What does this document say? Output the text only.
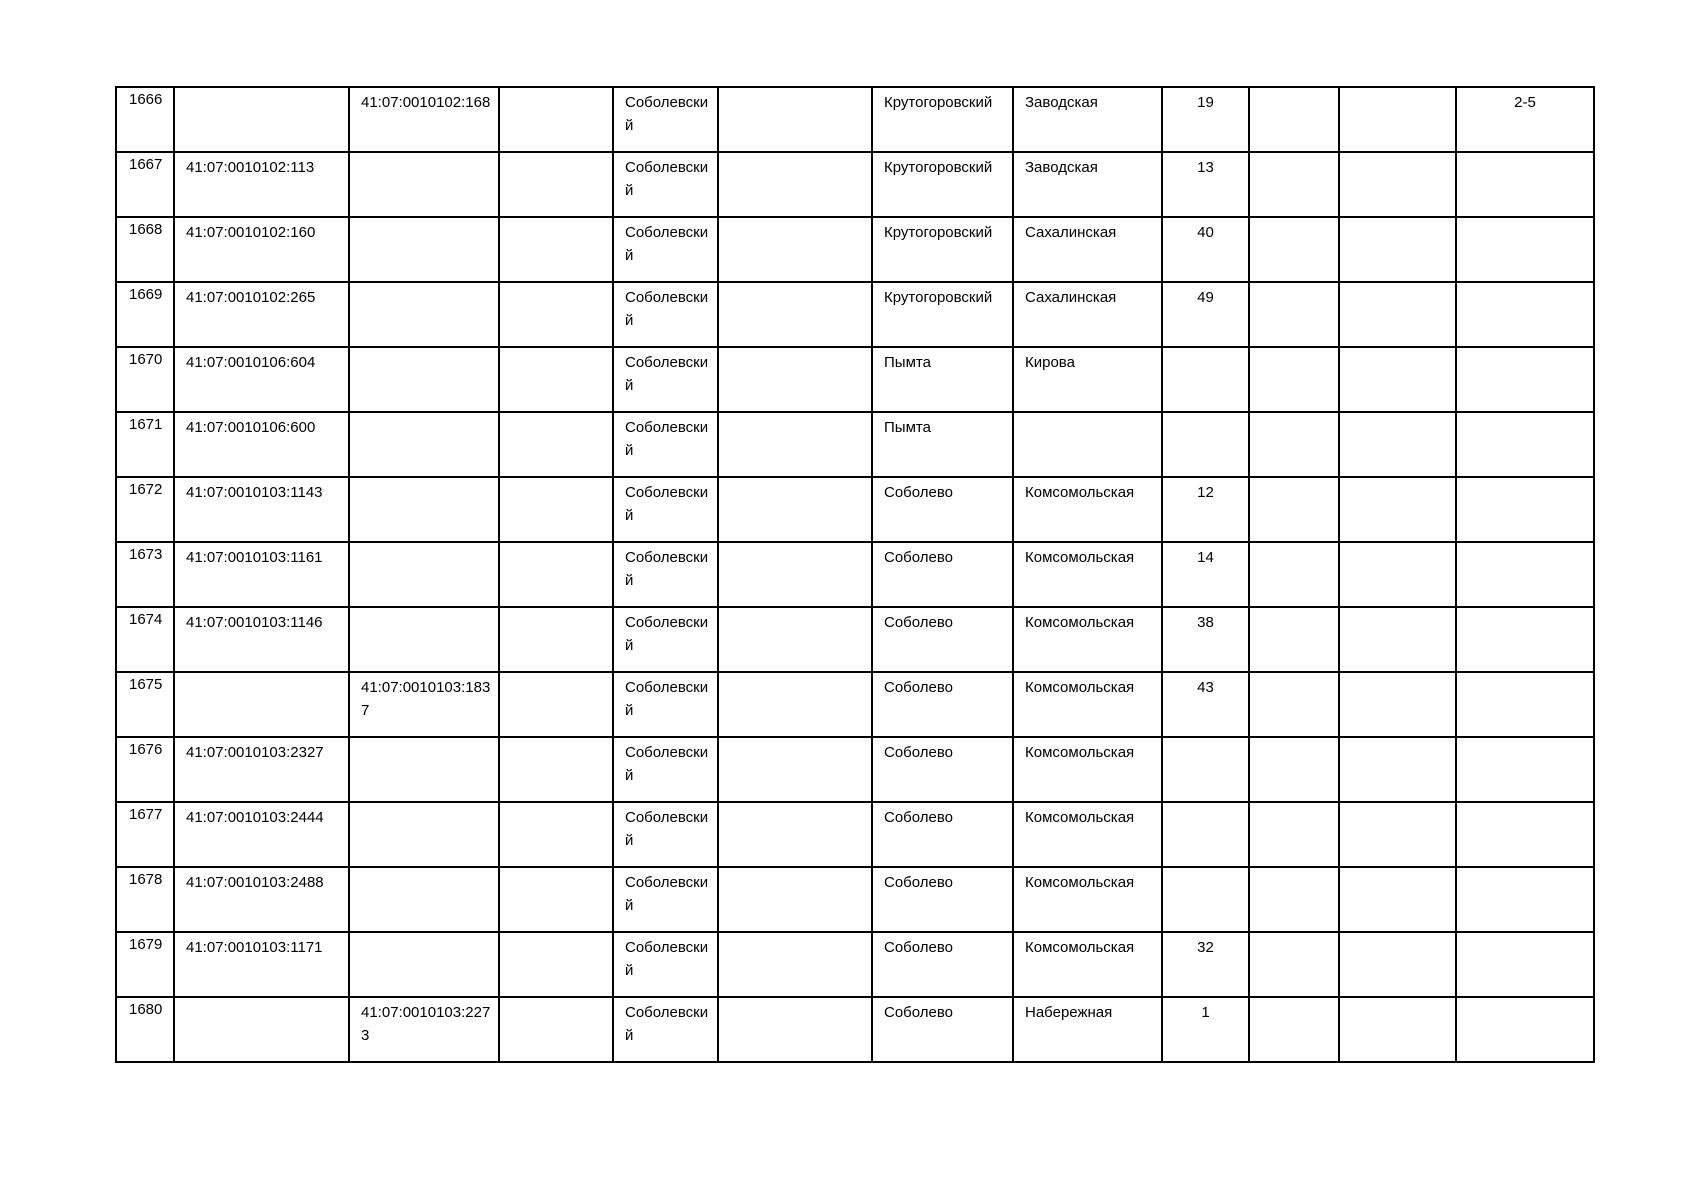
1666		41:07:0010102:168		Соболевский		Крутогоровский	Заводская	19			2-5

1667	41:07:0010102:113			Соболевский		Крутогоровский	Заводская	13			

1668	41:07:0010102:160			Соболевский		Крутогоровский	Сахалинская	40			

1669	41:07:0010102:265			Соболевский		Крутогоровский	Сахалинская	49			

1670	41:07:0010106:604			Соболевский		Пымта	Кирова				

1671	41:07:0010106:600			Соболевский		Пымта					

1672	41:07:0010103:1143			Соболевский		Соболево	Комсомольская	12			

1673	41:07:0010103:1161			Соболевский		Соболево	Комсомольская	14			

1674	41:07:0010103:1146			Соболевский		Соболево	Комсомольская	38			

1675		41:07:0010103:1837		Соболевский		Соболево	Комсомольская	43			

1676	41:07:0010103:2327			Соболевский		Соболево	Комсомольская				

1677	41:07:0010103:2444			Соболевский		Соболево	Комсомольская				

1678	41:07:0010103:2488			Соболевский		Соболево	Комсомольская				

1679	41:07:0010103:1171			Соболевский		Соболево	Комсомольская	32			

1680		41:07:0010103:2273		Соболевский		Соболево	Набережная	1			
